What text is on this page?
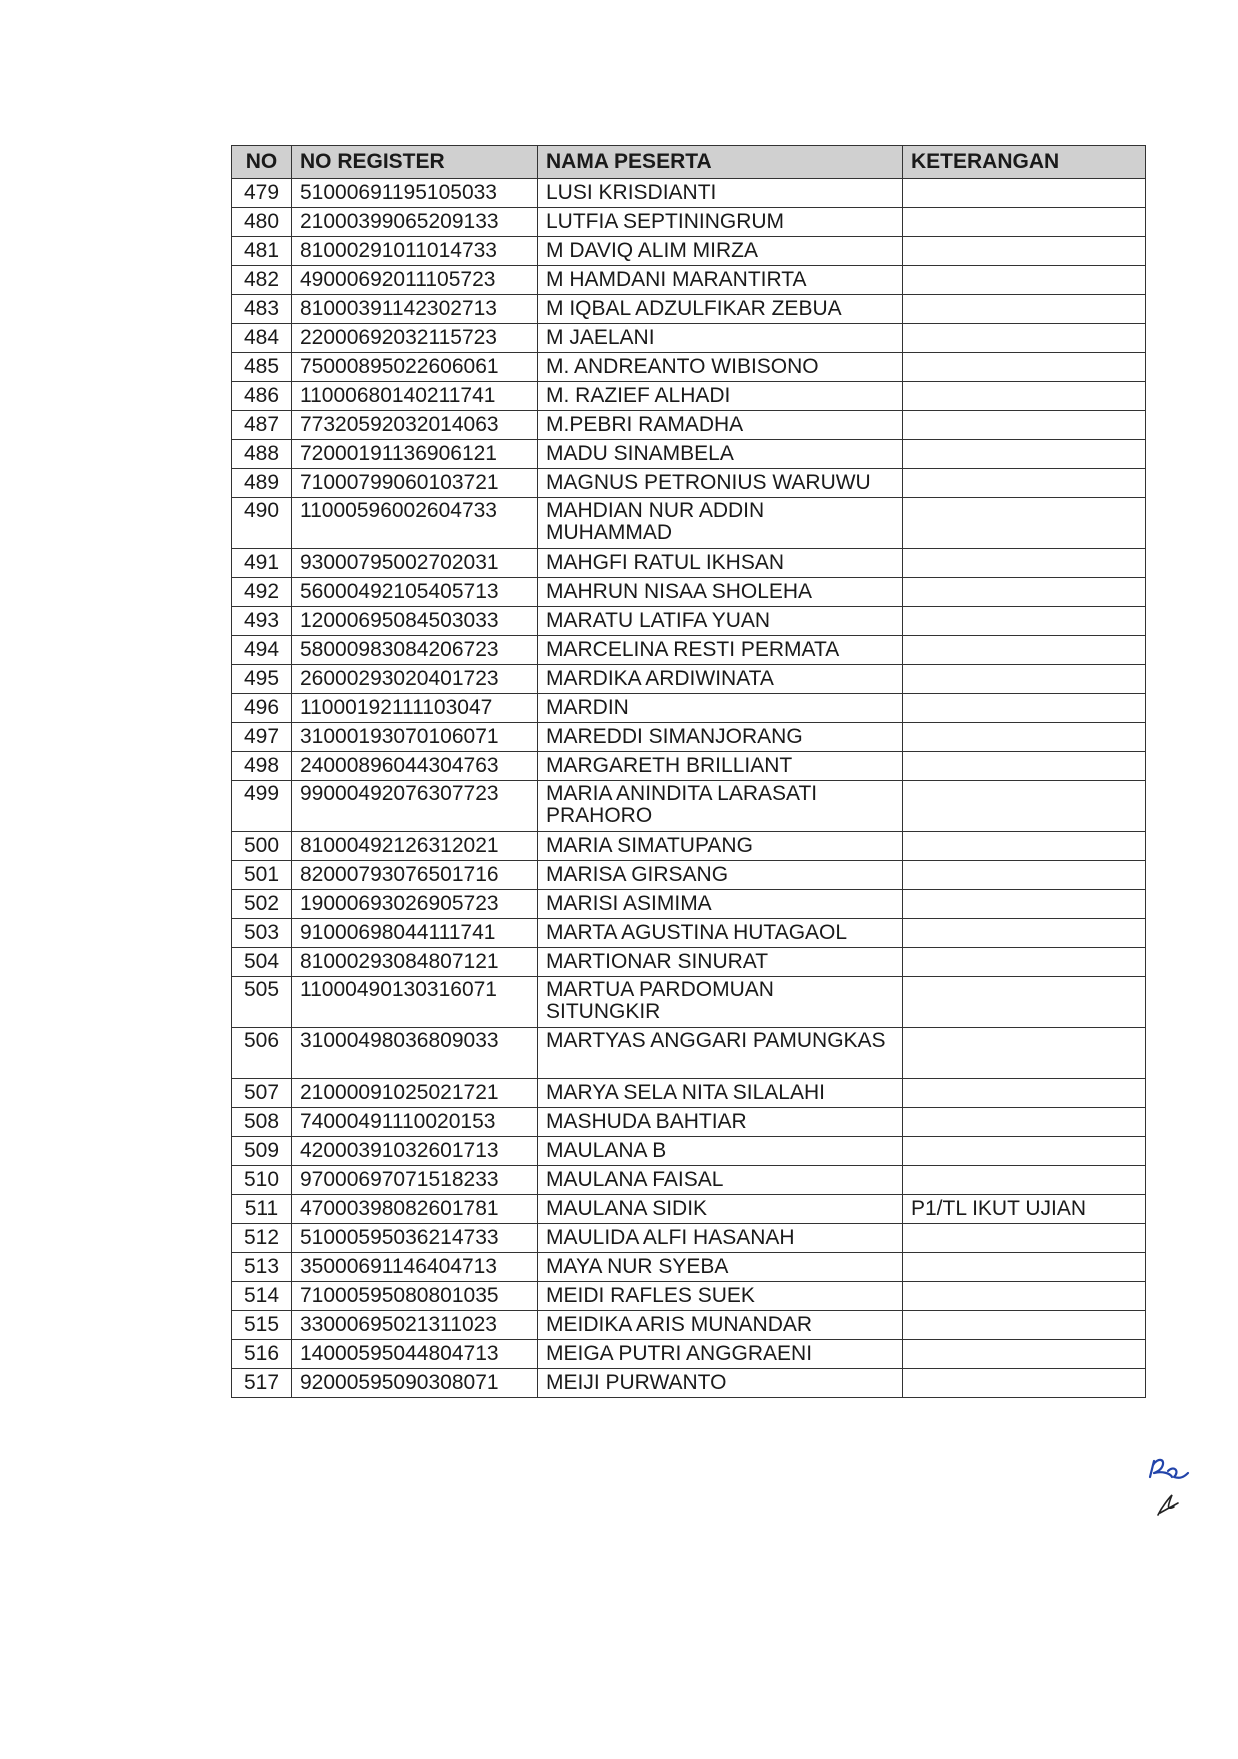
NO	NO REGISTER	NAMA PESERTA	KETERANGAN
479	51000691195105033	LUSI KRISDIANTI	
480	21000399065209133	LUTFIA SEPTININGRUM	
481	81000291011014733	M DAVIQ ALIM MIRZA	
482	49000692011105723	M HAMDANI MARANTIRTA	
483	81000391142302713	M IQBAL ADZULFIKAR ZEBUA	
484	22000692032115723	M JAELANI	
485	75000895022606061	M. ANDREANTO WIBISONO	
486	11000680140211741	M. RAZIEF ALHADI	
487	77320592032014063	M.PEBRI RAMADHA	
488	72000191136906121	MADU SINAMBELA	
489	71000799060103721	MAGNUS PETRONIUS WARUWU	
490	11000596002604733	MAHDIAN NUR ADDIN MUHAMMAD	
491	93000795002702031	MAHGFI RATUL IKHSAN	
492	56000492105405713	MAHRUN NISAA SHOLEHA	
493	12000695084503033	MARATU LATIFA YUAN	
494	58000983084206723	MARCELINA RESTI PERMATA	
495	26000293020401723	MARDIKA ARDIWINATA	
496	11000192111103047	MARDIN	
497	31000193070106071	MAREDDI SIMANJORANG	
498	24000896044304763	MARGARETH BRILLIANT	
499	99000492076307723	MARIA ANINDITA LARASATI PRAHORO	
500	81000492126312021	MARIA SIMATUPANG	
501	82000793076501716	MARISA GIRSANG	
502	19000693026905723	MARISI ASIMIMA	
503	91000698044111741	MARTA AGUSTINA HUTAGAOL	
504	81000293084807121	MARTIONAR SINURAT	
505	11000490130316071	MARTUA PARDOMUAN SITUNGKIR	
506	31000498036809033	MARTYAS ANGGARI PAMUNGKAS	
507	21000091025021721	MARYA SELA NITA SILALAHI	
508	74000491110020153	MASHUDA BAHTIAR	
509	42000391032601713	MAULANA B	
510	97000697071518233	MAULANA FAISAL	
511	47000398082601781	MAULANA SIDIK	P1/TL IKUT UJIAN
512	51000595036214733	MAULIDA ALFI HASANAH	
513	35000691146404713	MAYA NUR SYEBA	
514	71000595080801035	MEIDI RAFLES SUEK	
515	33000695021311023	MEIDIKA ARIS MUNANDAR	
516	14000595044804713	MEIGA PUTRI ANGGRAENI	
517	92000595090308071	MEIJI PURWANTO	
